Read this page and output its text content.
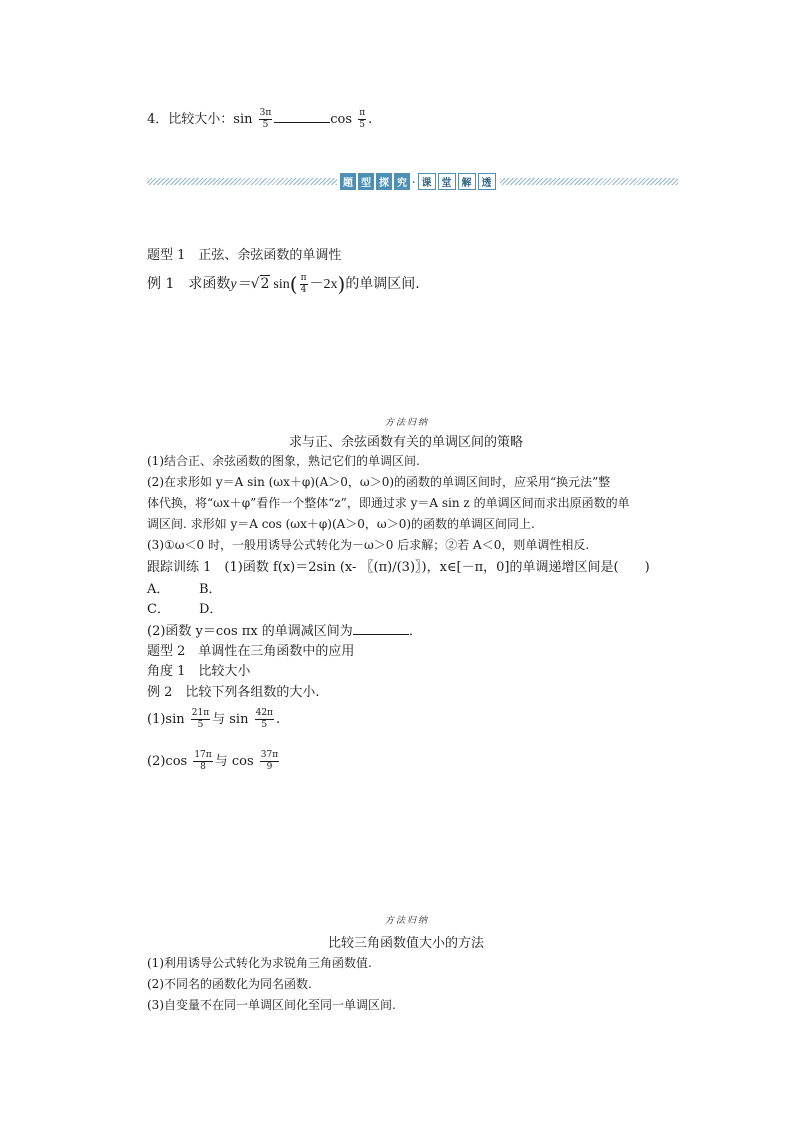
4．比较大小：$\sin \frac{3\pi}{5}$	$\cos \frac{\pi}{5}$ .
题 型 探 究 · 课 堂 解 透
题型 1　正弦、余弦函数的单调性
例 1　求函数y＝√2 $\sin( \frac{\pi}{4} -2x)$的单调区间.
方法归纳
求与正、余弦函数有关的单调区间的策略
(1)结合正、余弦函数的图象，熟记它们的单调区间.
(2)在求形如 y＝A sin (ωx＋φ)(A＞0，ω＞0)的函数的单调区间时，应采用“换元法”整
体代换，将“ωx＋φ”看作一个整体“z”，即通过求 y＝A sin z 的单调区间而求出原函数的单
调区间. 求形如 y＝A cos (ωx＋φ)(A＞0，ω＞0)的函数的单调区间同上.
(3)①ω＜0 时，一般用诱导公式转化为－ω＞0 后求解；②若 A＜0，则单调性相反.
跟踪训练 1　(1)函数 f(x)＝2sin (x- 〖(π)/(3)〗)，x∈[－π，0]的单调递增区间是(　　)
A． B．
C． D．
(2)函数 y＝cos πx 的单调减区间为	．
题型 2　单调性在三角函数中的应用
角度 1　比较大小
例 2　比较下列各组数的大小.
$(1)\sin \frac{21\pi}{5}$ 与 $\sin \frac{42\pi}{5}$ .
$(2)\cos \frac{17\pi}{8}$ 与 $\cos \frac{37\pi}{9}$
方法归纳
比较三角函数值大小的方法
(1)利用诱导公式转化为求锐角三角函数值.
(2)不同名的函数化为同名函数.
(3)自变量不在同一单调区间化至同一单调区间.
